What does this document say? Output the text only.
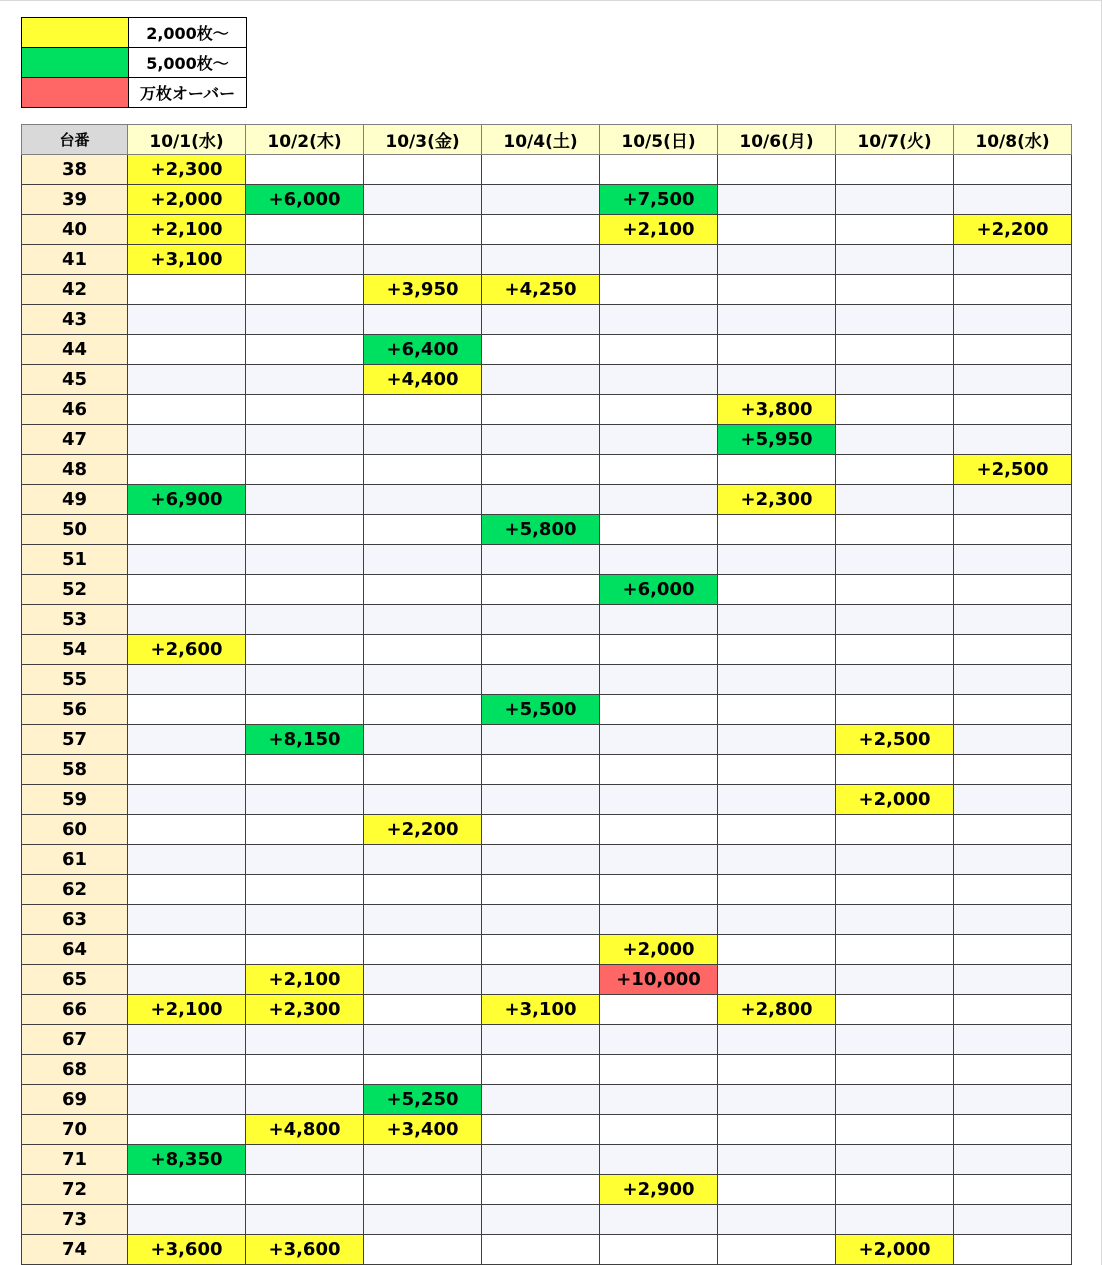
	2,000枚～
	5,000枚～
	万枚オーバー
台番	10/1(水)	10/2(木)	10/3(金)	10/4(土)	10/5(日)	10/6(月)	10/7(火)	10/8(水)
38	+2,300							
39	+2,000	+6,000			+7,500			
40	+2,100				+2,100			+2,200
41	+3,100							
42			+3,950	+4,250				
43								
44			+6,400					
45			+4,400					
46						+3,800		
47						+5,950		
48								+2,500
49	+6,900					+2,300		
50				+5,800				
51								
52					+6,000			
53								
54	+2,600							
55								
56				+5,500				
57		+8,150					+2,500	
58								
59							+2,000	
60			+2,200					
61								
62								
63								
64					+2,000			
65		+2,100			+10,000			
66	+2,100	+2,300		+3,100		+2,800		
67								
68								
69			+5,250					
70		+4,800	+3,400					
71	+8,350							
72					+2,900			
73								
74	+3,600	+3,600					+2,000	
